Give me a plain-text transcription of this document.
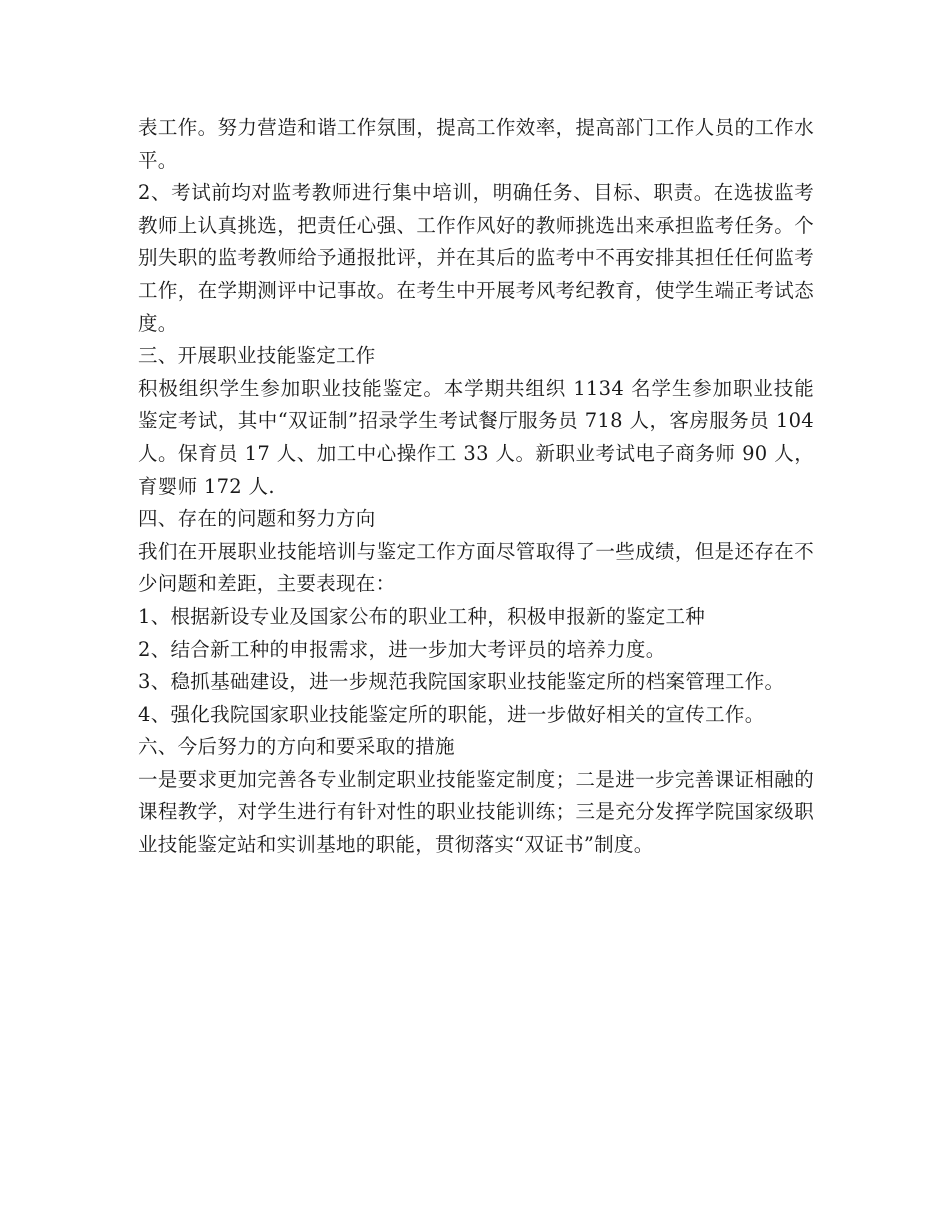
表工作。努力营造和谐工作氛围，提高工作效率，提高部门工作人员的工作水平。

2、考试前均对监考教师进行集中培训，明确任务、目标、职责。在选拔监考教师上认真挑选，把责任心强、工作作风好的教师挑选出来承担监考任务。个别失职的监考教师给予通报批评，并在其后的监考中不再安排其担任任何监考工作，在学期测评中记事故。在考生中开展考风考纪教育，使学生端正考试态度。

三、开展职业技能鉴定工作

积极组织学生参加职业技能鉴定。本学期共组织 1134 名学生参加职业技能鉴定考试，其中“双证制”招录学生考试餐厅服务员 718 人，客房服务员 104 人。保育员 17 人、加工中心操作工 33 人。新职业考试电子商务师 90 人，育婴师 172 人.

四、存在的问题和努力方向

我们在开展职业技能培训与鉴定工作方面尽管取得了一些成绩，但是还存在不少问题和差距，主要表现在：

1、根据新设专业及国家公布的职业工种，积极申报新的鉴定工种

2、结合新工种的申报需求，进一步加大考评员的培养力度。

3、稳抓基础建设，进一步规范我院国家职业技能鉴定所的档案管理工作。

4、强化我院国家职业技能鉴定所的职能，进一步做好相关的宣传工作。

六、今后努力的方向和要采取的措施

一是要求更加完善各专业制定职业技能鉴定制度；二是进一步完善课证相融的课程教学，对学生进行有针对性的职业技能训练；三是充分发挥学院国家级职业技能鉴定站和实训基地的职能，贯彻落实“双证书”制度。
